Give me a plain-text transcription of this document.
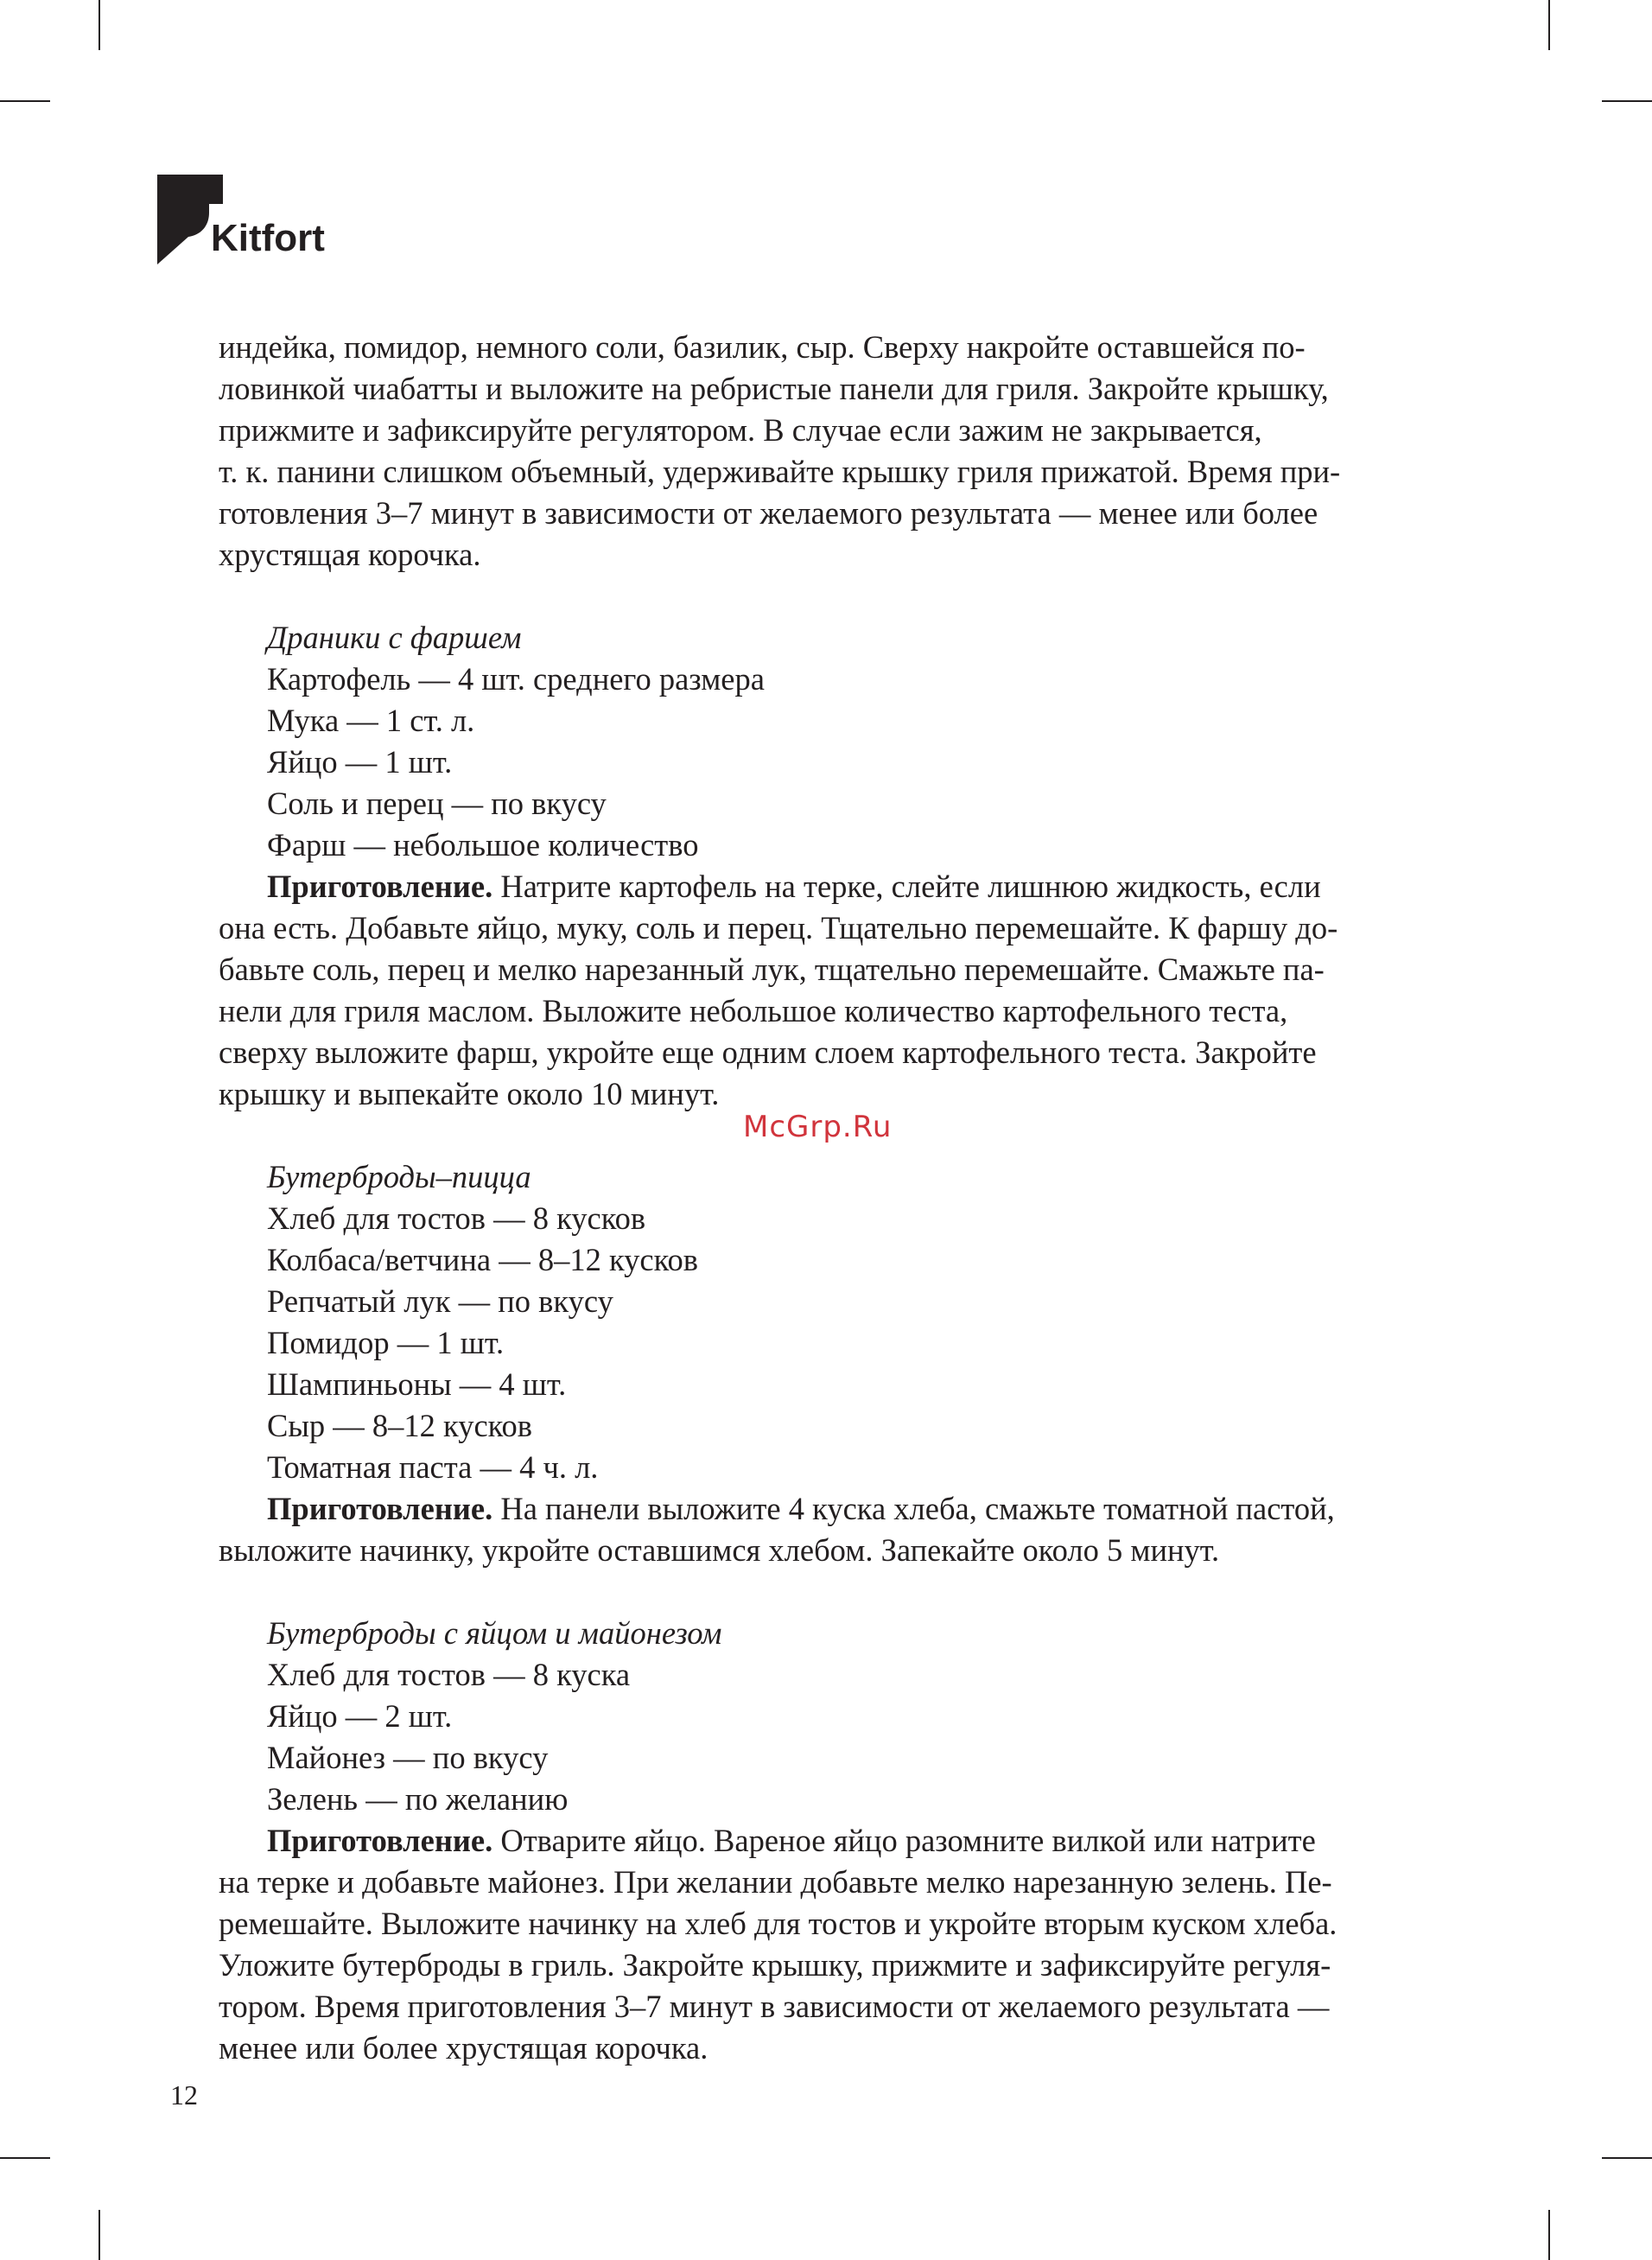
Kitfort
индейка, помидор, немного соли, базилик, сыр. Сверху накройте оставшейся по-
ловинкой чиабатты и выложите на ребристые панели для гриля. Закройте крышку,
прижмите и зафиксируйте регулятором. В случае если зажим не закрывается,
т. к. панини слишком объемный, удерживайте крышку гриля прижатой. Время при-
готовления 3–7 минут в зависимости от желаемого результата — менее или более
хрустящая корочка.
Драники с фаршем
Картофель — 4 шт. среднего размера
Мука — 1 ст. л.
Яйцо — 1 шт.
Соль и перец — по вкусу
Фарш — небольшое количество
Приготовление. Натрите картофель на терке, слейте лишнюю жидкость, если
она есть. Добавьте яйцо, муку, соль и перец. Тщательно перемешайте. К фаршу до-
бавьте соль, перец и мелко нарезанный лук, тщательно перемешайте. Смажьте па-
нели для гриля маслом. Выложите небольшое количество картофельного теста,
сверху выложите фарш, укройте еще одним слоем картофельного теста. Закройте
крышку и выпекайте около 10 минут.
Бутерброды–пицца
Хлеб для тостов — 8 кусков
Колбаса/ветчина — 8–12 кусков
Репчатый лук — по вкусу
Помидор — 1 шт.
Шампиньоны — 4 шт.
Сыр — 8–12 кусков
Томатная паста — 4 ч. л.
Приготовление. На панели выложите 4 куска хлеба, смажьте томатной пастой,
выложите начинку, укройте оставшимся хлебом. Запекайте около 5 минут.
Бутерброды с яйцом и майонезом
Хлеб для тостов — 8 куска
Яйцо — 2 шт.
Майонез — по вкусу
Зелень — по желанию
Приготовление. Отварите яйцо. Вареное яйцо разомните вилкой или натрите
на терке и добавьте майонез. При желании добавьте мелко нарезанную зелень. Пе-
ремешайте. Выложите начинку на хлеб для тостов и укройте вторым куском хлеба.
Уложите бутерброды в гриль. Закройте крышку, прижмите и зафиксируйте регуля-
тором. Время приготовления 3–7 минут в зависимости от желаемого результата —
менее или более хрустящая корочка.
McGrp.Ru
12
